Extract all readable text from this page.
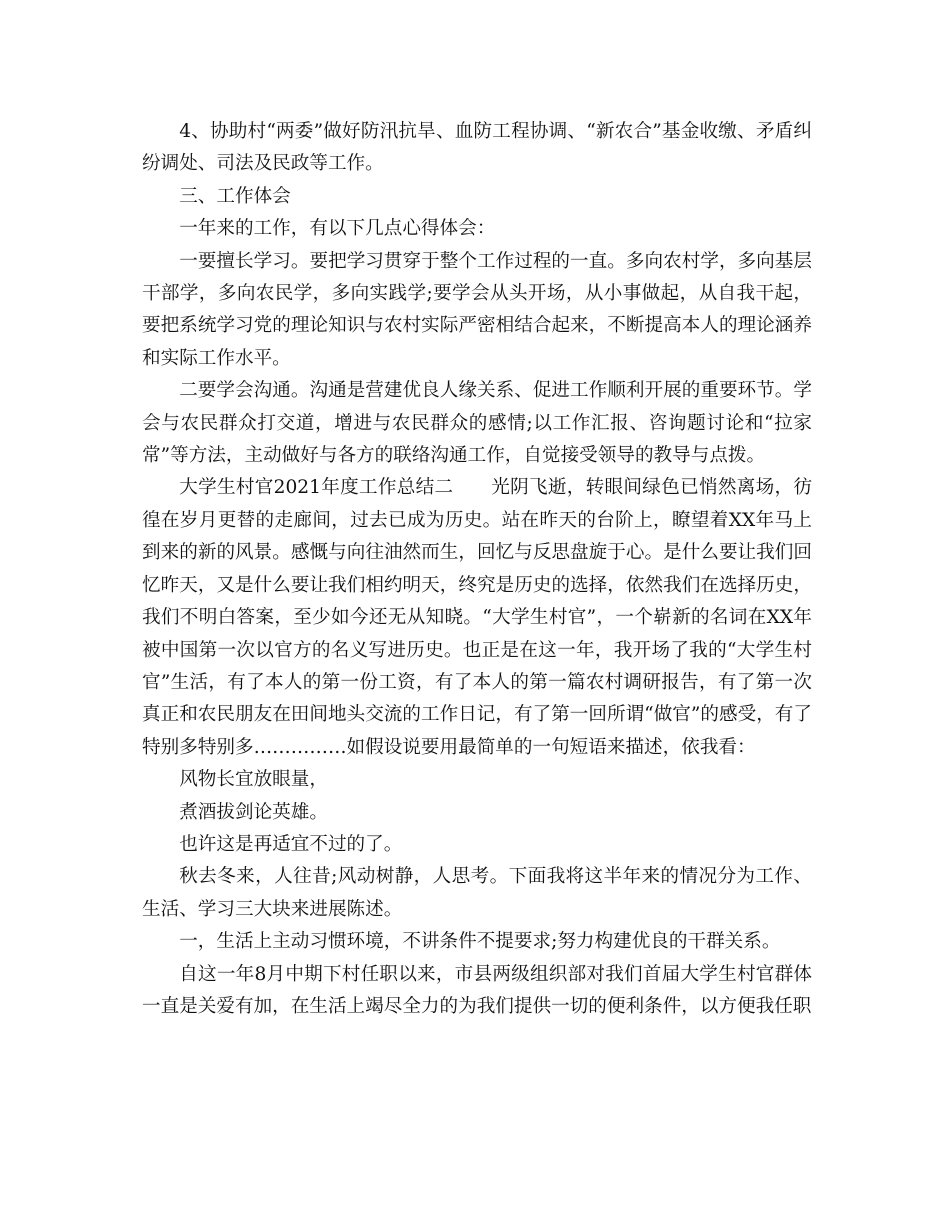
4、协助村“两委”做好防汛抗旱、血防工程协调、“新农合”基金收缴、矛盾纠纷调处、司法及民政等工作。

三、工作体会

一年来的工作，有以下几点心得体会：

一要擅长学习。要把学习贯穿于整个工作过程的一直。多向农村学，多向基层干部学，多向农民学，多向实践学;要学会从头开场，从小事做起，从自我干起，要把系统学习党的理论知识与农村实际严密相结合起来，不断提高本人的理论涵养和实际工作水平。

二要学会沟通。沟通是营建优良人缘关系、促进工作顺利开展的重要环节。学会与农民群众打交道，增进与农民群众的感情;以工作汇报、咨询题讨论和“拉家常”等方法，主动做好与各方的联络沟通工作，自觉接受领导的教导与点拨。

大学生村官2021年度工作总结二　　光阴飞逝，转眼间绿色已悄然离场，彷徨在岁月更替的走廊间，过去已成为历史。站在昨天的台阶上，瞭望着XX年马上到来的新的风景。感慨与向往油然而生，回忆与反思盘旋于心。是什么要让我们回忆昨天，又是什么要让我们相约明天，终究是历史的选择，依然我们在选择历史，我们不明白答案，至少如今还无从知晓。“大学生村官”，一个崭新的名词在XX年被中国第一次以官方的名义写进历史。也正是在这一年，我开场了我的“大学生村官”生活，有了本人的第一份工资，有了本人的第一篇农村调研报告，有了第一次真正和农民朋友在田间地头交流的工作日记，有了第一回所谓“做官”的感受，有了特别多特别多……………如假设说要用最简单的一句短语来描述，依我看：

风物长宜放眼量，

煮酒拔剑论英雄。

也许这是再适宜不过的了。

秋去冬来，人往昔;风动树静，人思考。下面我将这半年来的情况分为工作、生活、学习三大块来进展陈述。

一，生活上主动习惯环境，不讲条件不提要求;努力构建优良的干群关系。

自这一年8月中期下村任职以来，市县两级组织部对我们首届大学生村官群体一直是关爱有加，在生活上竭尽全力的为我们提供一切的便利条件，以方便我任职
